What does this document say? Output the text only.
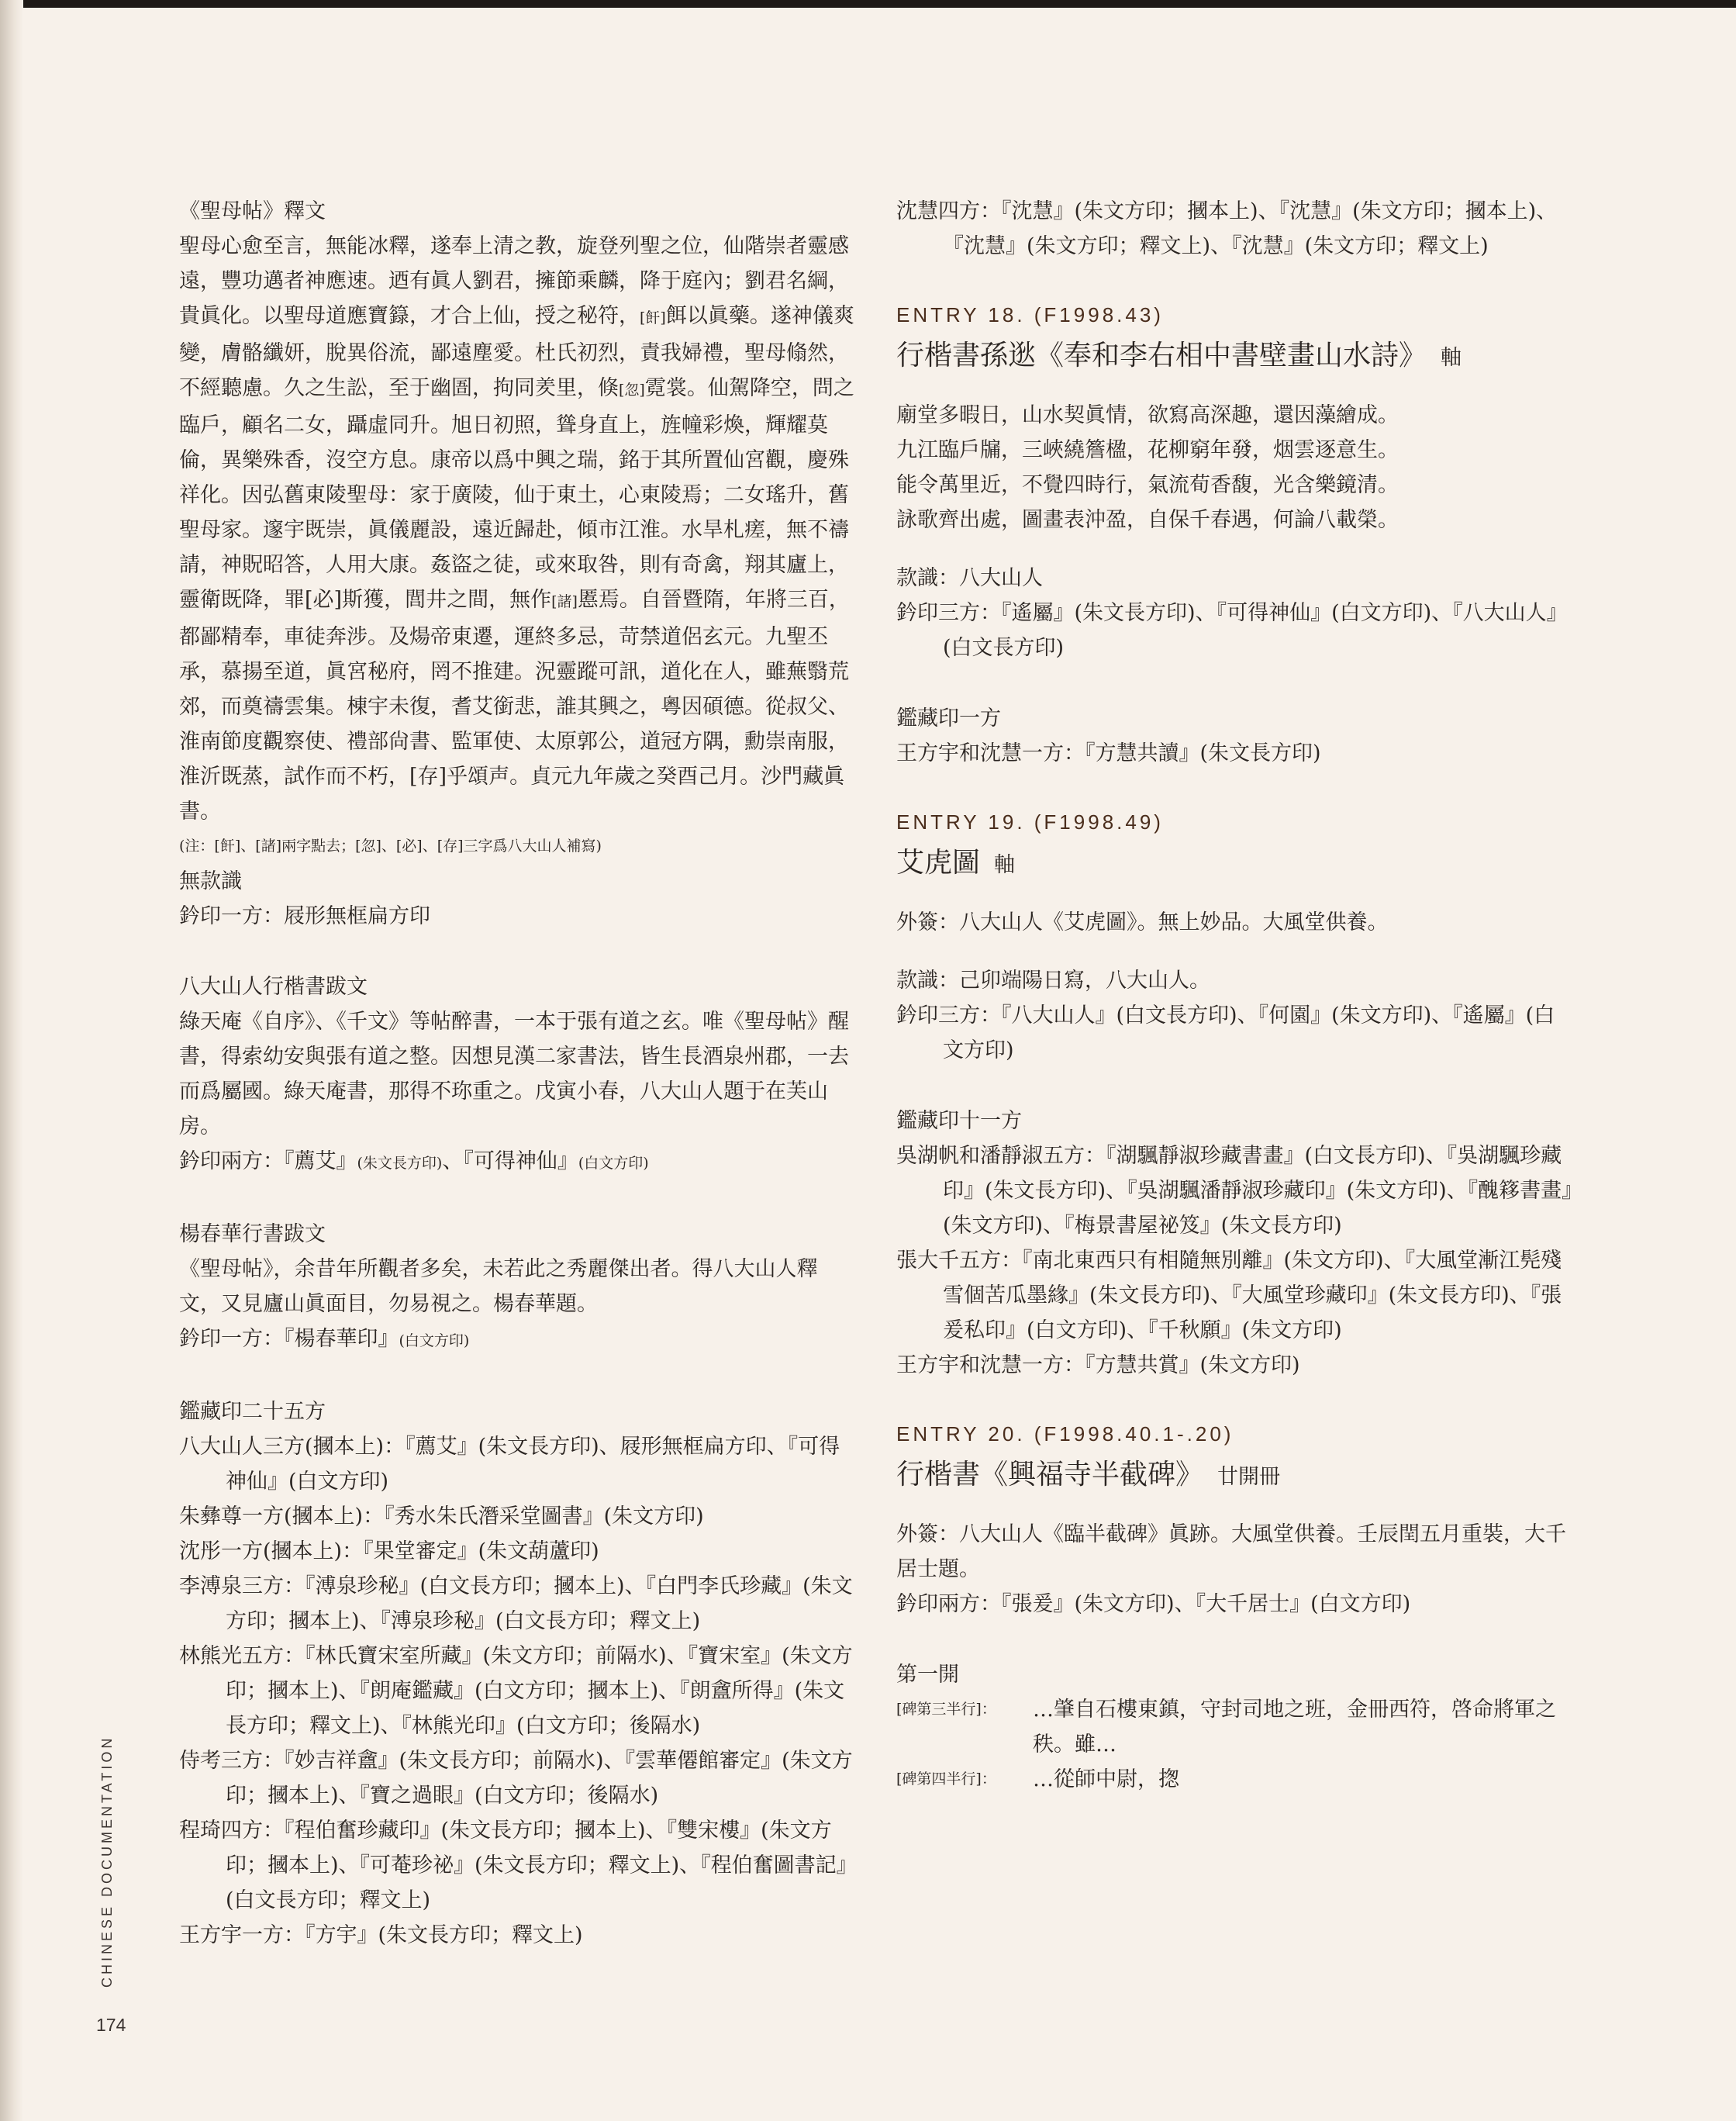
《聖母帖》釋文

聖母心愈至言，無能冰釋，遂奉上清之教，旋登列聖之位，仙階崇者靈感遠，豐功邁者神應速。迺有眞人劉君，擁節乘麟，降于庭內；劉君名綱，貴眞化。以聖母道應寶籙，才合上仙，授之秘符，[飦]餌以眞藥。遂神儀爽變，膚骼纖妍，脫異俗流，鄙遠塵愛。杜氏初烈，責我婦禮，聖母翛然，不經聽慮。久之生訟，至于幽圄，拘同羑里，倏[忽]霓裳。仙駕降空，問之臨戶，顧名二女，躡虛同升。旭日初照，聳身直上，旌幢彩煥，輝耀莫倫，異樂殊香，沒空方息。康帝以爲中興之瑞，銘于其所置仙宮觀，慶殊祥化。因弘舊東陵聖母：家于廣陵，仙于東土，心東陵焉；二女瑤升，舊聖母家。邃宇既崇，眞儀麗設，遠近歸赴，傾市江淮。水旱札瘥，無不禱請，神貺昭答，人用大康。姦盜之徒，或來取咎，則有奇禽，翔其廬上，靈衛既降，罪[必]斯獲，閭井之間，無作[諸]慝焉。自晉暨隋，年將三百，都鄙精奉，車徒奔涉。及煬帝東遷，運終多忌，苛禁道侶玄元。九聖丕承，慕揚至道，眞宮秘府，罔不推建。況靈蹤可訊，道化在人，雖蕪翳荒郊，而奠禱雲集。棟宇未復，耆艾銜悲，誰其興之，粵因碩德。從叔父、淮南節度觀察使、禮部尙書、監軍使、太原郭公，道冠方隅，勳崇南服，淮沂既蒸，試作而不朽，[存]乎頌声。貞元九年歲之癸酉己月。沙門藏眞書。

(注：[飦]、[諸]兩字點去；[忽]、[必]、[存]三字爲八大山人補寫)

無款識

鈐印一方：屐形無框扁方印

八大山人行楷書跋文

綠天庵《自序》、《千文》等帖醉書，一本于張有道之玄。唯《聖母帖》醒書，得索幼安與張有道之整。因想見漢二家書法，皆生長酒泉州郡，一去而爲屬國。綠天庵書，那得不珎重之。戊寅小春，八大山人題于在芙山房。

鈐印兩方：『薦艾』(朱文長方印)、『可得神仙』(白文方印)

楊春華行書跋文

《聖母帖》，余昔年所觀者多矣，未若此之秀麗傑出者。得八大山人釋文，又見廬山眞面目，勿易視之。楊春華題。

鈐印一方：『楊春華印』(白文方印)

鑑藏印二十五方

八大山人三方(摑本上)：『薦艾』(朱文長方印)、屐形無框扁方印、『可得神仙』(白文方印)

朱彝尊一方(摑本上)：『秀水朱氏潛采堂圖書』(朱文方印)

沈彤一方(摑本上)：『果堂審定』(朱文葫蘆印)

李溥泉三方：『溥泉珍秘』(白文長方印；摑本上)、『白門李氏珍藏』(朱文方印；摑本上)、『溥泉珍秘』(白文長方印；釋文上)

林熊光五方：『林氏寶宋室所藏』(朱文方印；前隔水)、『寶宋室』(朱文方印；摑本上)、『朗庵鑑藏』(白文方印；摑本上)、『朗盦所得』(朱文長方印；釋文上)、『林熊光印』(白文方印；後隔水)

侍考三方：『妙吉祥盦』(朱文長方印；前隔水)、『雲華僊館審定』(朱文方印；摑本上)、『寶之過眼』(白文方印；後隔水)

程琦四方：『程伯奮珍藏印』(朱文長方印；摑本上)、『雙宋樓』(朱文方印；摑本上)、『可菴珍祕』(朱文長方印；釋文上)、『程伯奮圖書記』(白文長方印；釋文上)

王方宇一方：『方宇』(朱文長方印；釋文上)

沈慧四方：『沈慧』(朱文方印；摑本上)、『沈慧』(朱文方印；摑本上)、『沈慧』(朱文方印；釋文上)、『沈慧』(朱文方印；釋文上)

ENTRY 18. (F1998.43)

行楷書孫逖《奉和李右相中書壁畫山水詩》 軸

廟堂多暇日，山水契眞情，欲寫高深趣，還因藻繪成。

九江臨戶牖，三峽繞簷楹，花柳窮年發，烟雲逐意生。

能令萬里近，不覺四時行，氣流荀香馥，光含樂鏡清。

詠歌齊出處，圖畫表沖盈，自保千春遇，何論八載榮。

款識：八大山人

鈐印三方：『遙屬』(朱文長方印)、『可得神仙』(白文方印)、『八大山人』(白文長方印)

鑑藏印一方

王方宇和沈慧一方：『方慧共讀』(朱文長方印)

ENTRY 19. (F1998.49)

艾虎圖 軸

外簽：八大山人《艾虎圖》。無上妙品。大風堂供養。

款識：己卯端陽日寫，八大山人。

鈐印三方：『八大山人』(白文長方印)、『何園』(朱文方印)、『遙屬』(白文方印)

鑑藏印十一方

吳湖帆和潘靜淑五方：『湖颿靜淑珍藏書畫』(白文長方印)、『吳湖颿珍藏印』(朱文長方印)、『吳湖颿潘靜淑珍藏印』(朱文方印)、『醜簃書畫』(朱文方印)、『梅景書屋祕笈』(朱文長方印)

張大千五方：『南北東西只有相隨無別離』(朱文方印)、『大風堂漸江髡殘雪個苦瓜墨緣』(朱文長方印)、『大風堂珍藏印』(朱文長方印)、『張爰私印』(白文方印)、『千秋願』(朱文方印)

王方宇和沈慧一方：『方慧共賞』(朱文方印)

ENTRY 20. (F1998.40.1-.20)

行楷書《興福寺半截碑》 廿開冊

外簽：八大山人《臨半截碑》眞跡。大風堂供養。壬辰閏五月重裝，大千居士題。

鈐印兩方：『張爰』(朱文方印)、『大千居士』(白文方印)

第一開

[碑第三半行]：	…肇自石樓東鎮，守封司地之班，金冊西符，啓命將軍之秩。雖…
[碑第四半行]：	…從師中尉，揔
CHINESE DOCUMENTATION
174
